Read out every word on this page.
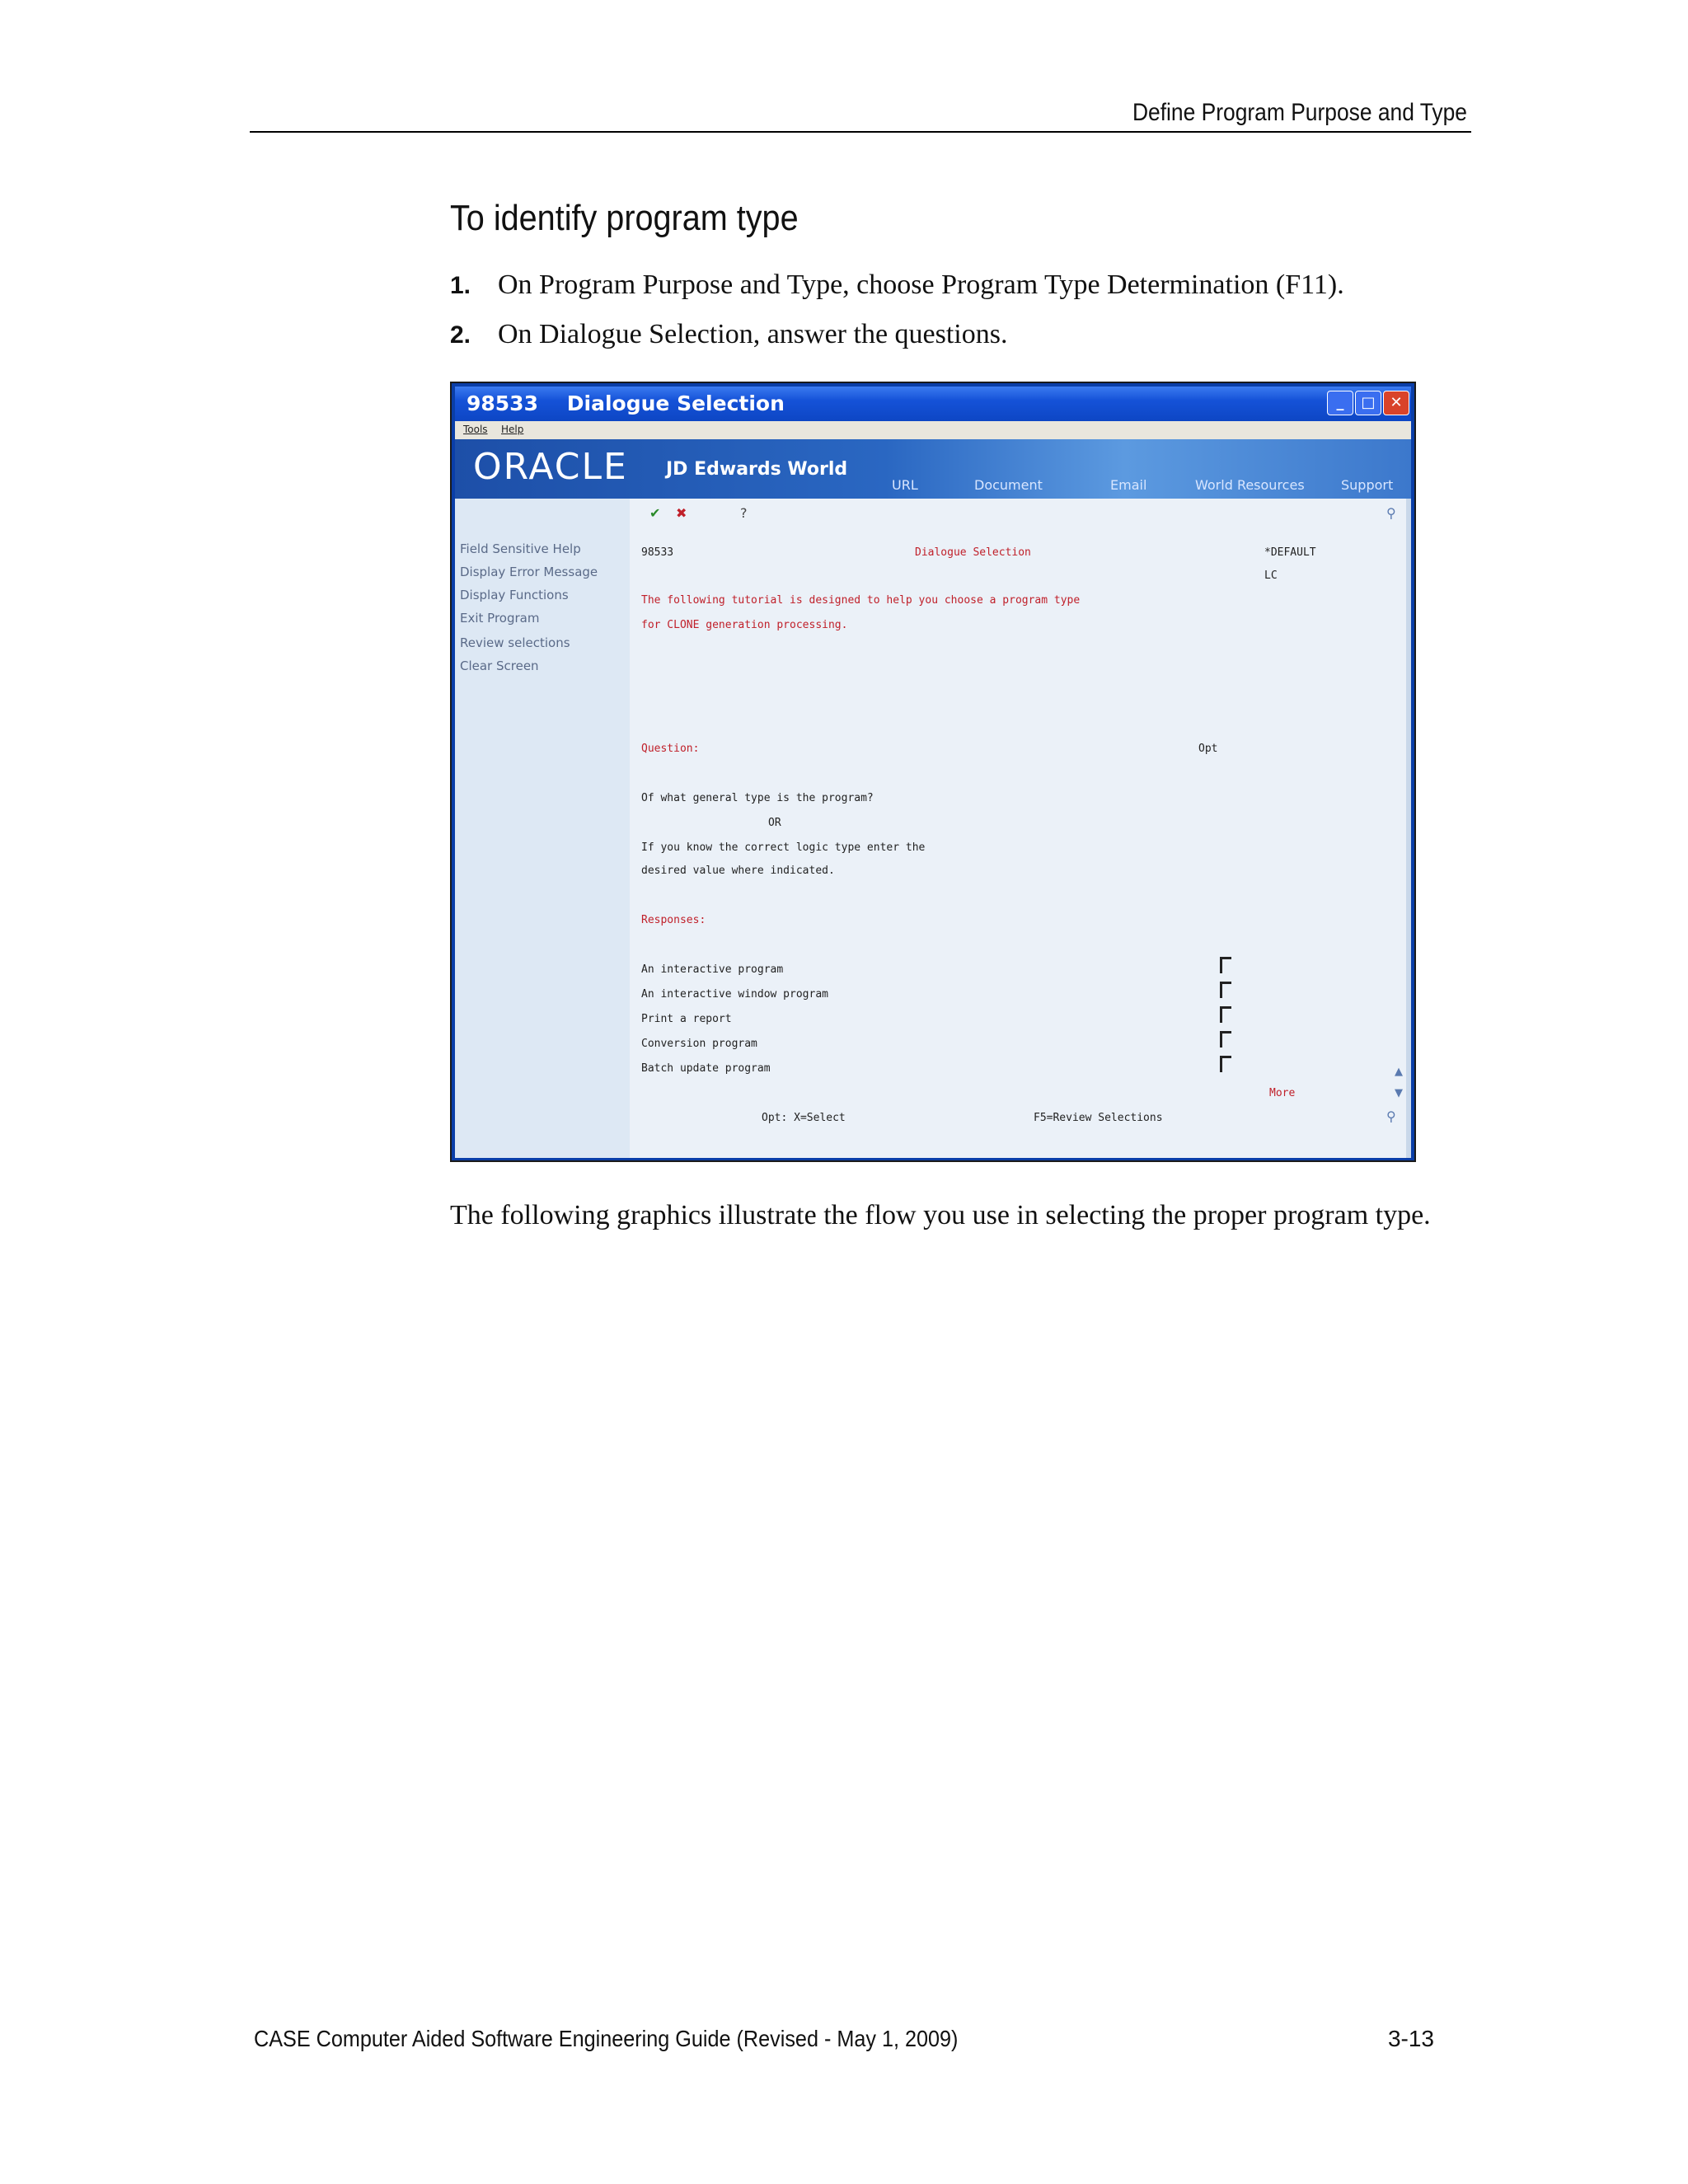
Define Program Purpose and Type
To identify program type
1. On Program Purpose and Type, choose Program Type Determination (F11).
2. On Dialogue Selection, answer the questions.
98533    Dialogue Selection	_	□ ✕
Tools Help
ORACLE JD Edwards World
URL	Document	Email	World Resources	Support
Field Sensitive Help
Display Error Message
Display Functions
Exit Program
Review selections
Clear Screen
✔ ✖	?	⚲
98533	Dialogue Selection	*DEFAULT
LC
The following tutorial is designed to help you choose a program type
for CLONE generation processing.
Question:	Opt
Of what general type is the program?
OR
If you know the correct logic type enter the
desired value where indicated.
Responses:
An interactive program
An interactive window program
Print a report
Conversion program
Batch update program
More
▲
▼
Opt: X=Select	F5=Review Selections	⚲

The following graphics illustrate the flow you use in selecting the proper program type.

CASE Computer Aided Software Engineering Guide (Revised - May 1, 2009)	3-13
